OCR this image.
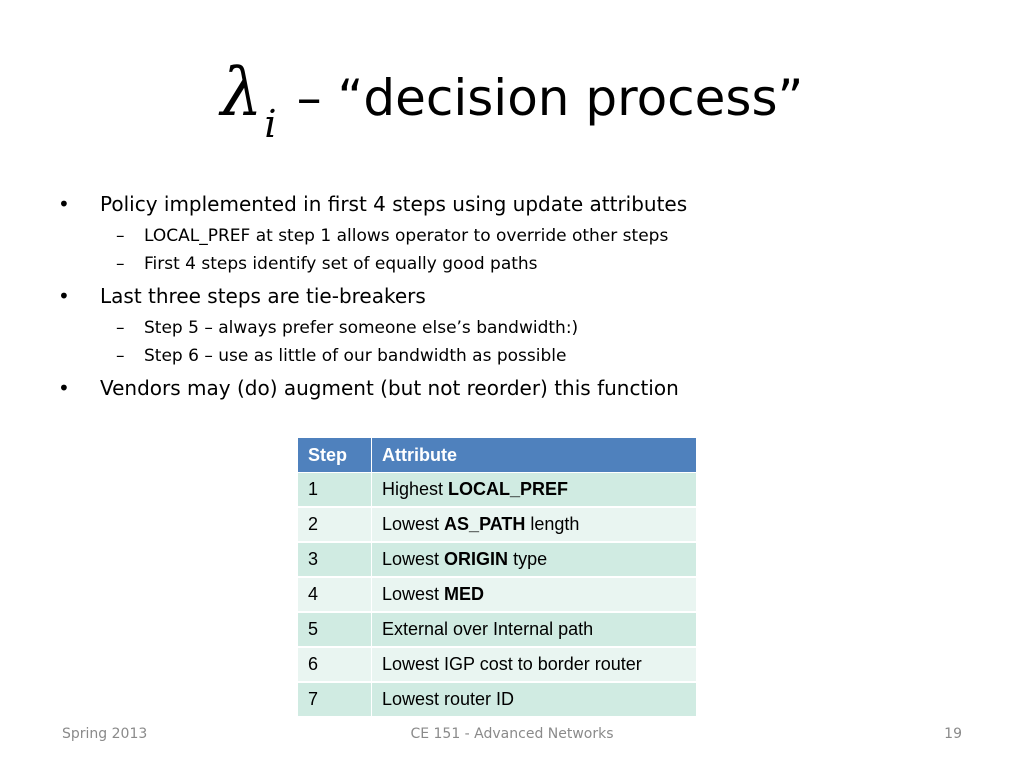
$\lambda_i$ – “decision process”
• Policy implemented in first 4 steps using update attributes
– LOCAL_PREF at step 1 allows operator to override other steps
– First 4 steps identify set of equally good paths
• Last three steps are tie-breakers
– Step 5 – always prefer someone else’s bandwidth:)
– Step 6 – use as little of our bandwidth as possible
• Vendors may (do) augment (but not reorder) this function
Step	Attribute
1	Highest LOCAL_PREF
2	Lowest AS_PATH length
3	Lowest ORIGIN type
4	Lowest MED
5	External over Internal path
6	Lowest IGP cost to border router
7	Lowest router ID
CE 151 - Advanced Networks
Spring 2013	19
